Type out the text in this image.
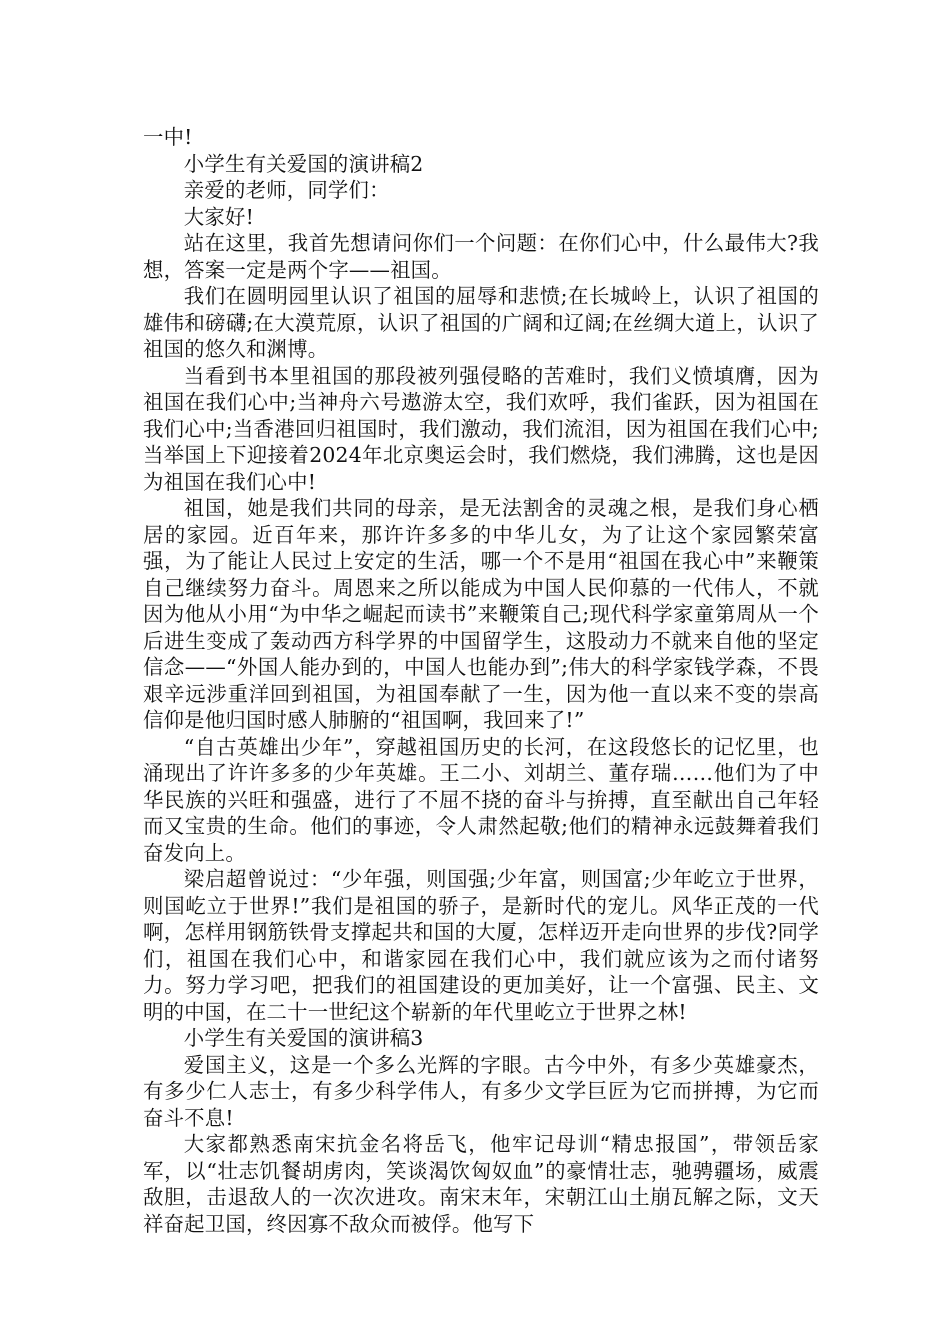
一中!

小学生有关爱国的演讲稿2

亲爱的老师，同学们：

大家好!

站在这里，我首先想请问你们一个问题：在你们心中，什么最伟大?我想，答案一定是两个字——祖国。

我们在圆明园里认识了祖国的屈辱和悲愤;在长城岭上，认识了祖国的雄伟和磅礴;在大漠荒原，认识了祖国的广阔和辽阔;在丝绸大道上，认识了祖国的悠久和渊博。

当看到书本里祖国的那段被列强侵略的苦难时，我们义愤填膺，因为祖国在我们心中;当神舟六号遨游太空，我们欢呼，我们雀跃，因为祖国在我们心中;当香港回归祖国时，我们激动，我们流泪，因为祖国在我们心中;当举国上下迎接着2024年北京奥运会时，我们燃烧，我们沸腾，这也是因为祖国在我们心中!

祖国，她是我们共同的母亲，是无法割舍的灵魂之根，是我们身心栖居的家园。近百年来，那许许多多的中华儿女，为了让这个家园繁荣富强，为了能让人民过上安定的生活，哪一个不是用“祖国在我心中”来鞭策自己继续努力奋斗。周恩来之所以能成为中国人民仰慕的一代伟人，不就因为他从小用“为中华之崛起而读书”来鞭策自己;现代科学家童第周从一个后进生变成了轰动西方科学界的中国留学生，这股动力不就来自他的坚定信念——“外国人能办到的，中国人也能办到”;伟大的科学家钱学森，不畏艰辛远涉重洋回到祖国，为祖国奉献了一生，因为他一直以来不变的崇高信仰是他归国时感人肺腑的“祖国啊，我回来了!”

“自古英雄出少年”，穿越祖国历史的长河，在这段悠长的记忆里，也涌现出了许许多多的少年英雄。王二小、刘胡兰、董存瑞……他们为了中华民族的兴旺和强盛，进行了不屈不挠的奋斗与拚搏，直至献出自己年轻而又宝贵的生命。他们的事迹，令人肃然起敬;他们的精神永远鼓舞着我们奋发向上。

梁启超曾说过：“少年强，则国强;少年富，则国富;少年屹立于世界，则国屹立于世界!”我们是祖国的骄子，是新时代的宠儿。风华正茂的一代啊，怎样用钢筋铁骨支撑起共和国的大厦，怎样迈开走向世界的步伐?同学们，祖国在我们心中，和谐家园在我们心中，我们就应该为之而付诸努力。努力学习吧，把我们的祖国建设的更加美好，让一个富强、民主、文明的中国，在二十一世纪这个崭新的年代里屹立于世界之林!

小学生有关爱国的演讲稿3

爱国主义，这是一个多么光辉的字眼。古今中外，有多少英雄豪杰，有多少仁人志士，有多少科学伟人，有多少文学巨匠为它而拼搏，为它而奋斗不息!

大家都熟悉南宋抗金名将岳飞，他牢记母训“精忠报国”，带领岳家军，以“壮志饥餐胡虏肉，笑谈渴饮匈奴血”的豪情壮志，驰骋疆场，威震敌胆，击退敌人的一次次进攻。南宋末年，宋朝江山土崩瓦解之际，文天祥奋起卫国，终因寡不敌众而被俘。他写下
